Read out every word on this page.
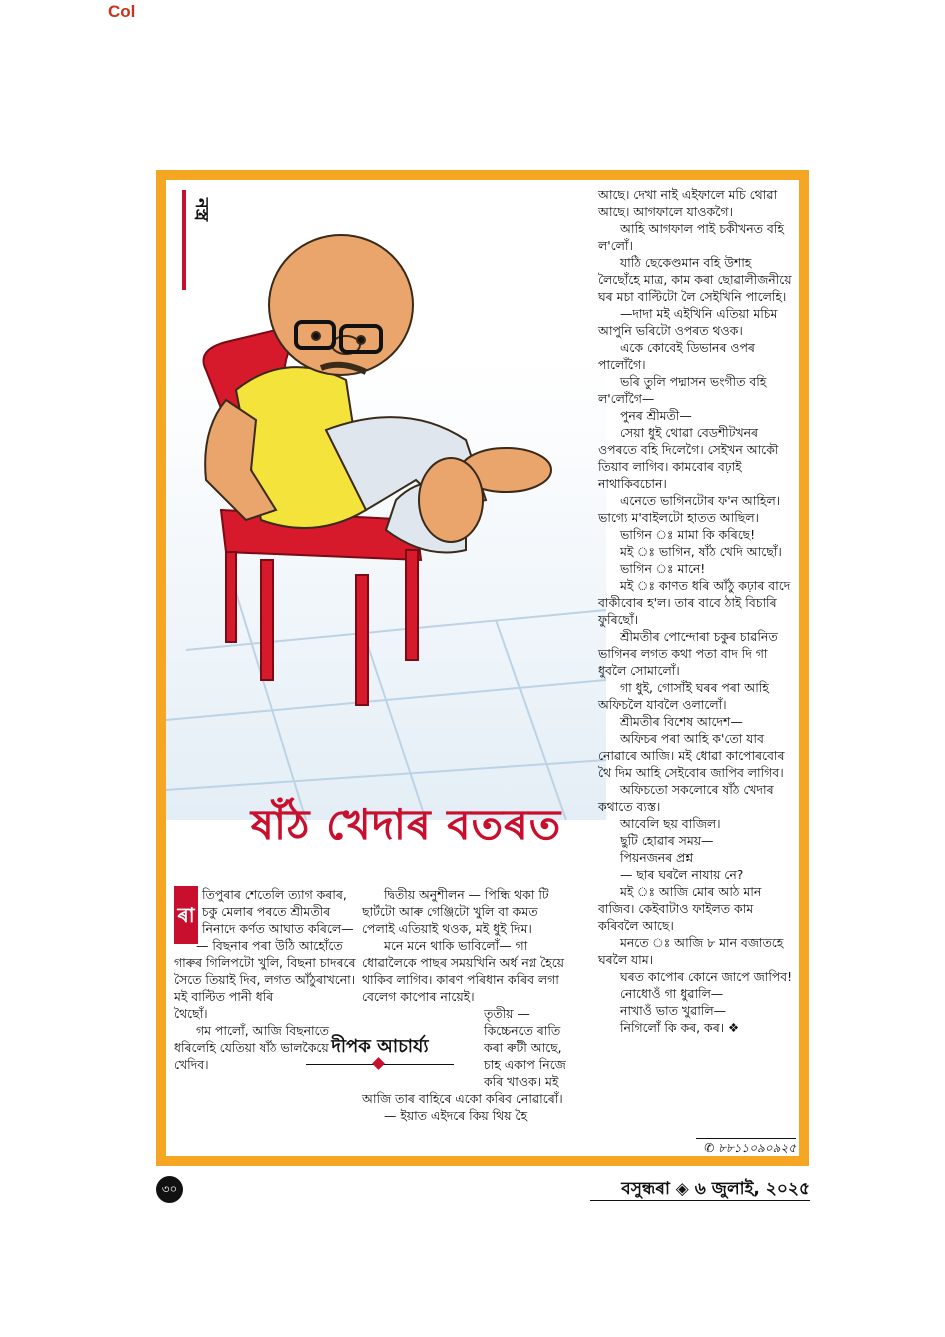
Col
নস্ত্ৰ
ষাঁঠ খেদাৰ বতৰত

আছে। দেখা নাই এইফালে মচি থোৱা আছে। আগফালে যাওকগৈ।

আহি আগফাল পাই চকীখনত বহি ল'লোঁ।

যাঠি ছেকেণ্ডমান বহি উশাহ লৈছোঁহে মাত্ৰ, কাম কৰা ছোৱালীজনীয়ে ঘৰ মচা বাল্টিটো লৈ সেইখিনি পালেহি।

—দাদা মই এইখিনি এতিয়া মচিম আপুনি ভৰিটো ওপৰত থওক।

একে কোবেই ডিভানৰ ওপৰ পালোঁগৈ।

ভৰি তুলি পদ্মাসন ভংগীত বহি ল'লোঁগৈ—

পুনৰ শ্ৰীমতী—

সেয়া ধুই থোৱা বেডশীটখনৰ ওপৰতে বহি দিলেগৈ। সেইখন আকৌ তিয়াব লাগিব। কামবোৰ বঢ়াই নাথাকিবচোন।

এনেতে ভাগিনটোৰ ফ'ন আহিল। ভাগ্যে ম'বাইলটো হাতত আছিল।

ভাগিন ঃ মামা কি কৰিছে!

মই ঃ ভাগিন, ষাঁঠ খেদি আছোঁ।

ভাগিন ঃ মানে!

মই ঃ কাণত ধৰি আঁঠু কঢ়াৰ বাদে বাকীবোৰ হ'ল। তাৰ বাবে ঠাই বিচাৰি ফুৰিছোঁ।

শ্ৰীমতীৰ পোন্দোৰা চকুৰ চাৱনিত ভাগিনৰ লগত কথা পতা বাদ দি গা ধুবলৈ সোমালোঁ।

গা ধুই, গোসাঁই ঘৰৰ পৰা আহি অফিচলৈ যাবলৈ ওলালোঁ।

শ্ৰীমতীৰ বিশেষ আদেশ—

অফিচৰ পৰা আহি ক'তো যাব নোৱাৰে আজি। মই ধোৱা কাপোৰবোৰ থৈ দিম আহি সেইবোৰ জাপিব লাগিব।

অফিচতো সকলোৰে ষাঁঠ খেদাৰ কথাতে ব্যস্ত।

আবেলি ছয় বাজিল।

ছুটি হোৱাৰ সময়—

পিয়নজনৰ প্ৰশ্ন

— ছাৰ ঘৰলৈ নাযায় নে?

মই ঃ আজি মোৰ আঠ মান বাজিব। কেইবাটাও ফাইলত কাম কৰিবলৈ আছে।

মনতে ঃ আজি ৮ মান বজাতহে ঘৰলৈ যাম।

ঘৰত কাপোৰ কোনে জাপে জাপিব!

নোধোওঁ গা ধুৱালি—

নাখাওঁ ভাত খুৱালি—

নিগিলোঁ কি কৰ, কৰ। ❖

ৰা

তিপুৰাৰ শেতেলি ত্যাগ কৰাৰ, চকু মেলাৰ পৰতে শ্ৰীমতীৰ নিনাদে কৰ্ণত আঘাত কৰিলে—

— বিছনাৰ পৰা উঠি আহোঁতে গাৰুৰ গিলিপটো খুলি, বিছনা চাদৰৰে সৈতে তিয়াই দিব, লগত আঁঠুৰাখনো।

মই বাল্টিত পানী ধৰি থৈছোঁ।

গম পালোঁ, আজি বিছনাতে ধৰিলেহি যেতিয়া ষাঁঠ ভালকৈয়ে খেদিব।

দ্বিতীয় অনুশীলন — পিন্ধি থকা টি ছার্টটো আৰু গেঞ্জিটো খুলি বা কমত পেলাই এতিয়াই থওক, মই ধুই দিম।

মনে মনে থাকি ভাবিলোঁ— গা ধোৱালৈকে পাছৰ সময়খিনি অৰ্ধ নগ্ন হৈয়ে থাকিব লাগিব। কাৰণ পৰিধান কৰিব লগা বেলেগ কাপোৰ নায়েই।

তৃতীয় — কিচ্চেনতে ৰাতি কৰা ৰুটী আছে, চাহ একাপ নিজে কৰি খাওক। মই

আজি তাৰ বাহিৰে একো কৰিব নোৱাৰোঁ।

— ইয়াত এইদৰে কিয় থিয় হৈ

দীপক আচাৰ্য্য
✆ ৮৮১১০৯০৯২৫
৩০	বসুন্ধৰা ◈ ৬ জুলাই, ২০২৫
